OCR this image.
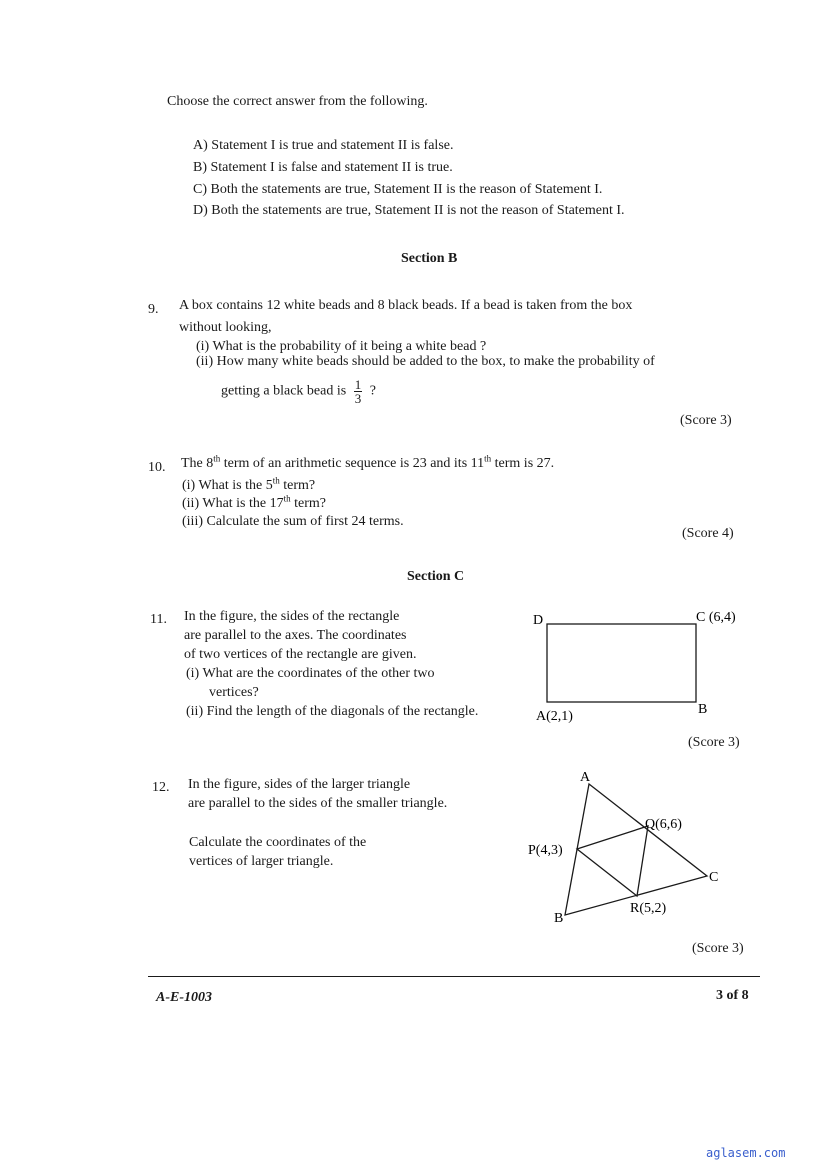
Choose the correct answer from the following.
A) Statement I is true and statement II is false.
B) Statement I is false and statement II is true.
C) Both the statements are true, Statement II is the reason of Statement I.
D) Both the statements are true, Statement II is not the reason of Statement I.
Section B
9. A box contains 12 white beads and 8 black beads. If a bead is taken from the box
without looking,
(i) What is the probability of it being a white bead ?
(ii) How many white beads should be added to the box, to make the probability of
getting a black bead is $\frac{1}{3}$ ?
(Score 3)
10. The 8th term of an arithmetic sequence is 23 and its 11th term is 27.
(i) What is the 5th term?
(ii) What is the 17th term?
(iii) Calculate the sum of first 24 terms.
(Score 4)
Section C
11. In the figure, the sides of the rectangle
are parallel to the axes. The coordinates
of two vertices of the rectangle are given.
(i) What are the coordinates of the other two
vertices?
(ii) Find the length of the diagonals of the rectangle.
(Score 3)
D	C (6,4)
A(2,1)	B
12. In the figure, sides of the larger triangle
are parallel to the sides of the smaller triangle.
Calculate the coordinates of the
vertices of larger triangle.
(Score 3)
A
Q(6,6)
P(4,3)
C
R(5,2)
B
A-E-1003	3 of 8
aglasem.com
